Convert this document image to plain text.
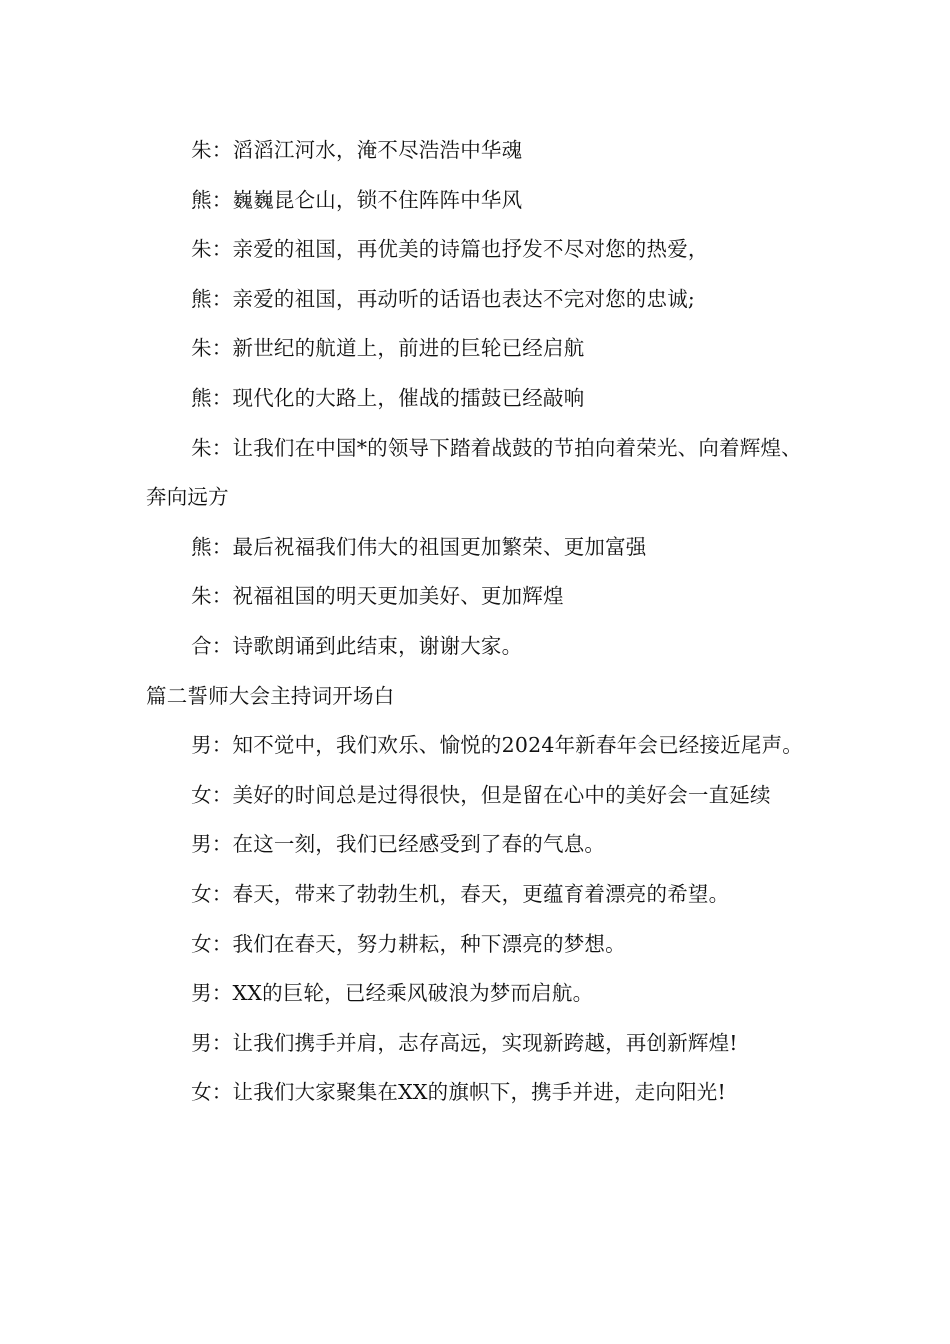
朱：滔滔江河水，淹不尽浩浩中华魂

熊：巍巍昆仑山，锁不住阵阵中华风

朱：亲爱的祖国，再优美的诗篇也抒发不尽对您的热爱，

熊：亲爱的祖国，再动听的话语也表达不完对您的忠诚;

朱：新世纪的航道上，前进的巨轮已经启航

熊：现代化的大路上，催战的擂鼓已经敲响

朱：让我们在中国*的领导下踏着战鼓的节拍向着荣光、向着辉煌、奔向远方

熊：最后祝福我们伟大的祖国更加繁荣、更加富强

朱：祝福祖国的明天更加美好、更加辉煌

合：诗歌朗诵到此结束，谢谢大家。

篇二誓师大会主持词开场白

男：知不觉中，我们欢乐、愉悦的2024年新春年会已经接近尾声。

女：美好的时间总是过得很快，但是留在心中的美好会一直延续

男：在这一刻，我们已经感受到了春的气息。

女：春天，带来了勃勃生机，春天，更蕴育着漂亮的希望。

女：我们在春天，努力耕耘，种下漂亮的梦想。

男：XX的巨轮，已经乘风破浪为梦而启航。

男：让我们携手并肩，志存高远，实现新跨越，再创新辉煌!

女：让我们大家聚集在XX的旗帜下，携手并进，走向阳光!
